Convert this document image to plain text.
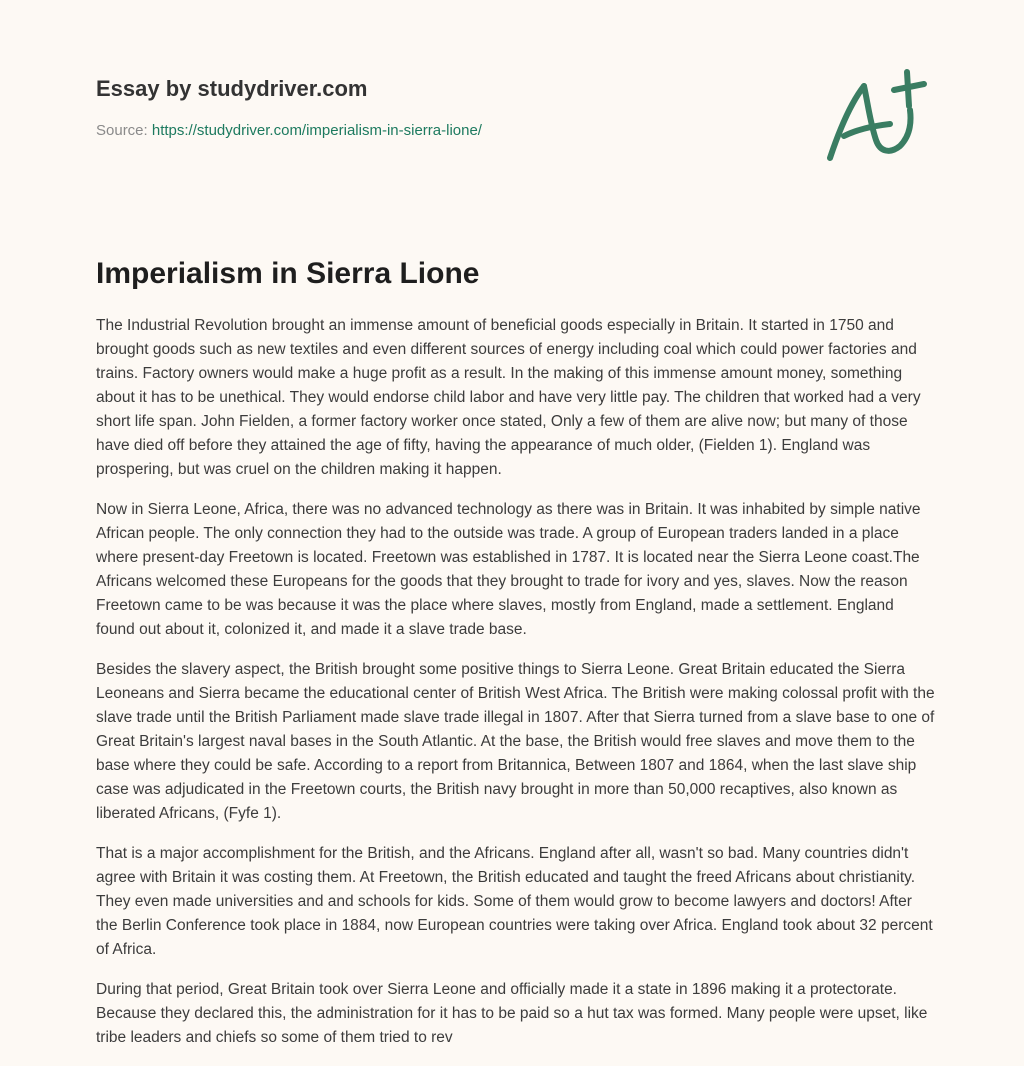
Essay by studydriver.com
Source: https://studydriver.com/imperialism-in-sierra-lione/
Imperialism in Sierra Lione

The Industrial Revolution brought an immense amount of beneficial goods especially in Britain. It started in 1750 and brought goods such as new textiles and even different sources of energy including coal which could power factories and trains. Factory owners would make a huge profit as a result. In the making of this immense amount money, something about it has to be unethical. They would endorse child labor and have very little pay. The children that worked had a very short life span. John Fielden, a former factory worker once stated, Only a few of them are alive now; but many of those have died off before they attained the age of fifty, having the appearance of much older, (Fielden 1). England was prospering, but was cruel on the children making it happen.

Now in Sierra Leone, Africa, there was no advanced technology as there was in Britain. It was inhabited by simple native African people. The only connection they had to the outside was trade. A group of European traders landed in a place where present-day Freetown is located. Freetown was established in 1787. It is located near the Sierra Leone coast.The Africans welcomed these Europeans for the goods that they brought to trade for ivory and yes, slaves. Now the reason Freetown came to be was because it was the place where slaves, mostly from England, made a settlement. England found out about it, colonized it, and made it a slave trade base.

Besides the slavery aspect, the British brought some positive things to Sierra Leone. Great Britain educated the Sierra Leoneans and Sierra became the educational center of British West Africa. The British were making colossal profit with the slave trade until the British Parliament made slave trade illegal in 1807. After that Sierra turned from a slave base to one of Great Britain's largest naval bases in the South Atlantic. At the base, the British would free slaves and move them to the base where they could be safe. According to a report from Britannica, Between 1807 and 1864, when the last slave ship case was adjudicated in the Freetown courts, the British navy brought in more than 50,000 recaptives, also known as liberated Africans, (Fyfe 1).

That is a major accomplishment for the British, and the Africans. England after all, wasn't so bad. Many countries didn't agree with Britain it was costing them. At Freetown, the British educated and taught the freed Africans about christianity. They even made universities and and schools for kids. Some of them would grow to become lawyers and doctors! After the Berlin Conference took place in 1884, now European countries were taking over Africa. England took about 32 percent of Africa.

During that period, Great Britain took over Sierra Leone and officially made it a state in 1896 making it a protectorate. Because they declared this, the administration for it has to be paid so a hut tax was formed. Many people were upset, like tribe leaders and chiefs so some of them tried to rev
